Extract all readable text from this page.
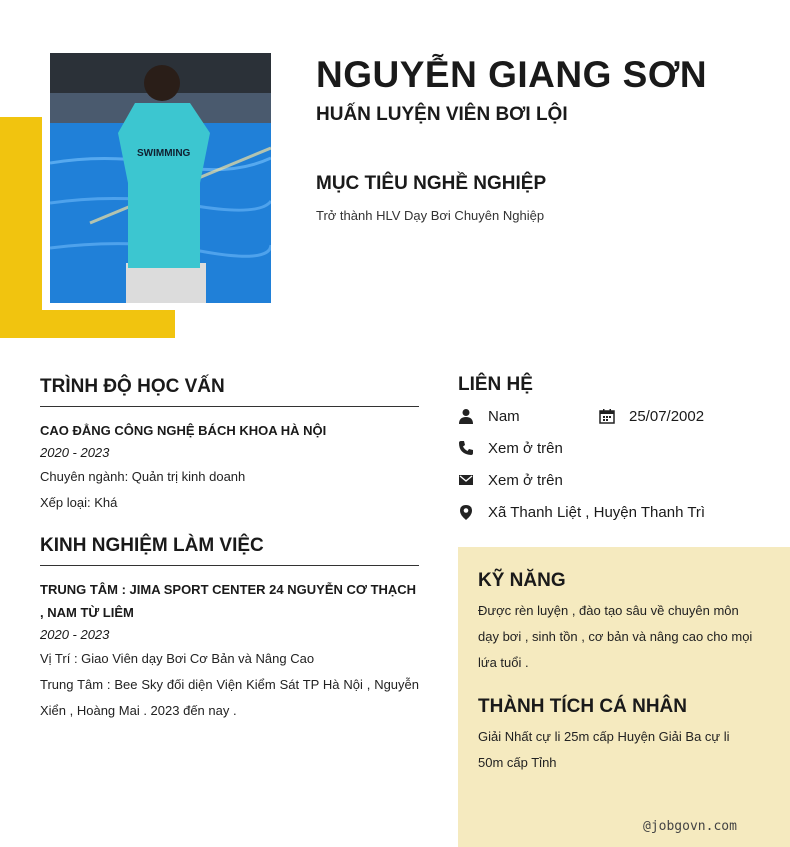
SWIMMING
NGUYỄN GIANG SƠN
HUẤN LUYỆN VIÊN BƠI LỘI
MỤC TIÊU NGHỀ NGHIỆP
Trở thành HLV Dạy Bơi Chuyên Nghiệp
TRÌNH ĐỘ HỌC VẤN
CAO ĐẲNG CÔNG NGHỆ BÁCH KHOA HÀ NỘI
2020 - 2023
Chuyên ngành: Quản trị kinh doanh
Xếp loại: Khá
KINH NGHIỆM LÀM VIỆC
TRUNG TÂM : JIMA SPORT CENTER 24 NGUYỄN CƠ THẠCH , NAM TỪ LIÊM
2020 - 2023
Vị Trí : Giao Viên dạy Bơi Cơ Bản và Nâng Cao
Trung Tâm : Bee Sky đối diện Viện Kiểm Sát TP Hà Nội , Nguyễn Xiển , Hoàng Mai . 2023 đến nay .
LIÊN HỆ
Nam	25/07/2002
Xem ở trên
Xem ở trên
Xã Thanh Liệt , Huyện Thanh Trì
KỸ NĂNG
Được rèn luyện , đào tạo sâu về chuyên môn dạy bơi , sinh tồn , cơ bản và nâng cao cho mọi lứa tuổi .
THÀNH TÍCH CÁ NHÂN
Giải Nhất cự li 25m cấp Huyện Giải Ba cự li 50m cấp Tỉnh
@jobgovn.com
